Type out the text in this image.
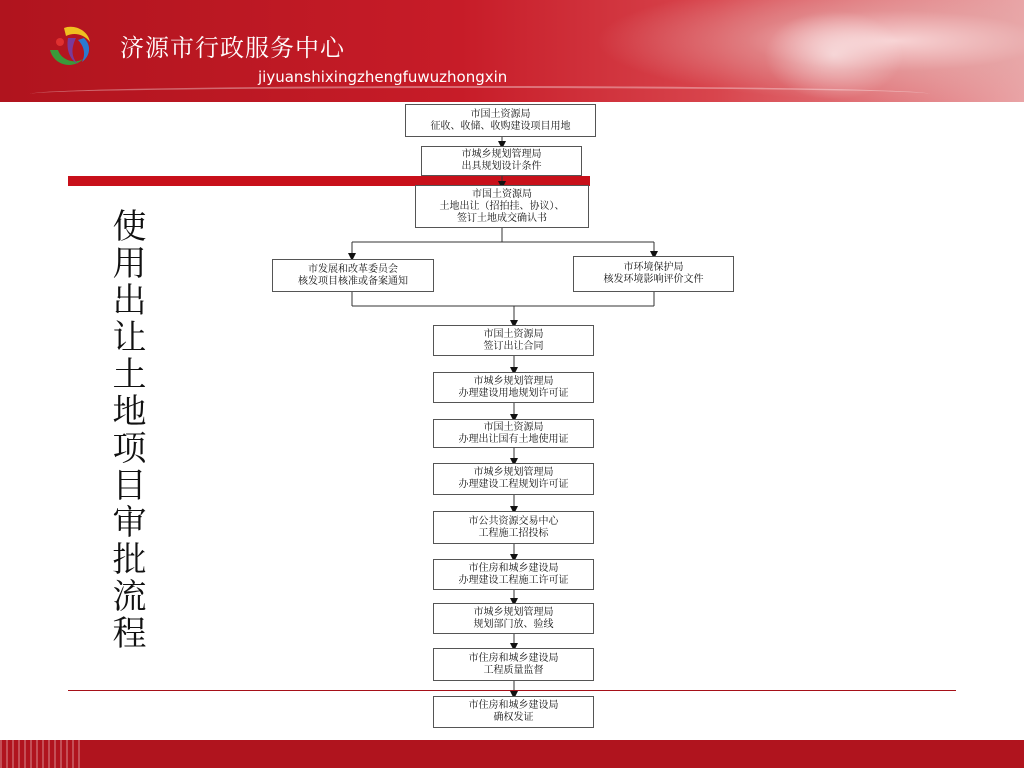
济源市行政服务中心
jiyuanshixingzhengfuwuzhongxin
市国土资源局
征收、收储、收购建设项目用地
市城乡规划管理局
出具规划设计条件
市国土资源局
土地出让（招拍挂、协议）、
签订土地成交确认书
市发展和改革委员会
核发项目核准或备案通知
市环境保护局
核发环境影响评价文件
市国土资源局
签订出让合同
市城乡规划管理局
办理建设用地规划许可证
市国土资源局
办理出让国有土地使用证
市城乡规划管理局
办理建设工程规划许可证
市公共资源交易中心
工程施工招投标
市住房和城乡建设局
办理建设工程施工许可证
市城乡规划管理局
规划部门放、验线
市住房和城乡建设局
工程质量监督
市住房和城乡建设局
确权发证
使用出让土地项目审批流程
